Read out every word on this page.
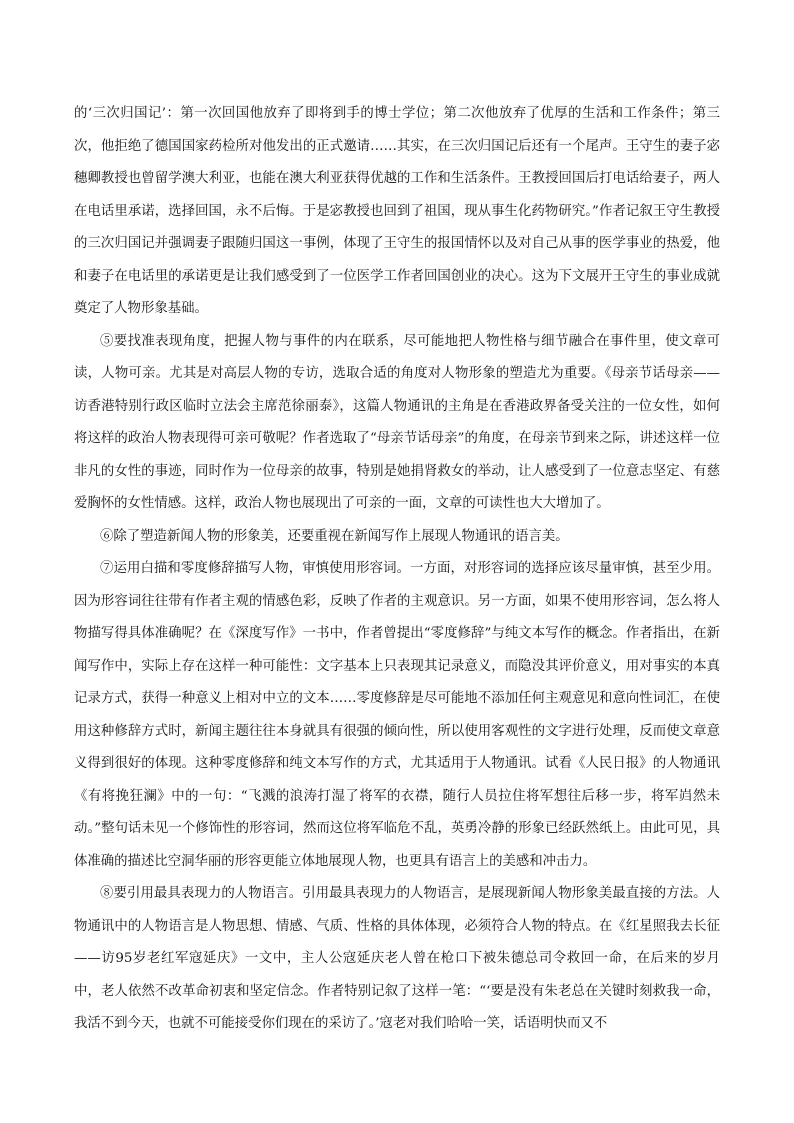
的‘三次归国记’：第一次回国他放弃了即将到手的博士学位；第二次他放弃了优厚的生活和工作条件；第三次，他拒绝了德国国家药检所对他发出的正式邀请……其实，在三次归国记后还有一个尾声。王守生的妻子宓穗卿教授也曾留学澳大利亚，也能在澳大利亚获得优越的工作和生活条件。王教授回国后打电话给妻子，两人在电话里承诺，选择回国，永不后悔。于是宓教授也回到了祖国，现从事生化药物研究。”作者记叙王守生教授的三次归国记并强调妻子跟随归国这一事例，体现了王守生的报国情怀以及对自己从事的医学事业的热爱，他和妻子在电话里的承诺更是让我们感受到了一位医学工作者回国创业的决心。这为下文展开王守生的事业成就奠定了人物形象基础。

⑤要找准表现角度，把握人物与事件的内在联系，尽可能地把人物性格与细节融合在事件里，使文章可读，人物可亲。尤其是对高层人物的专访，选取合适的角度对人物形象的塑造尤为重要。《母亲节话母亲——访香港特别行政区临时立法会主席范徐丽泰》，这篇人物通讯的主角是在香港政界备受关注的一位女性，如何将这样的政治人物表现得可亲可敬呢？作者选取了“母亲节话母亲”的角度，在母亲节到来之际，讲述这样一位非凡的女性的事迹，同时作为一位母亲的故事，特别是她捐肾救女的举动，让人感受到了一位意志坚定、有慈爱胸怀的女性情感。这样，政治人物也展现出了可亲的一面，文章的可读性也大大增加了。

⑥除了塑造新闻人物的形象美，还要重视在新闻写作上展现人物通讯的语言美。

⑦运用白描和零度修辞描写人物，审慎使用形容词。一方面，对形容词的选择应该尽量审慎，甚至少用。因为形容词往往带有作者主观的情感色彩，反映了作者的主观意识。另一方面，如果不使用形容词，怎么将人物描写得具体准确呢？在《深度写作》一书中，作者曾提出“零度修辞”与纯文本写作的概念。作者指出，在新闻写作中，实际上存在这样一种可能性：文字基本上只表现其记录意义，而隐没其评价意义，用对事实的本真记录方式，获得一种意义上相对中立的文本……零度修辞是尽可能地不添加任何主观意见和意向性词汇，在使用这种修辞方式时，新闻主题往往本身就具有很强的倾向性，所以使用客观性的文字进行处理，反而使文章意义得到很好的体现。这种零度修辞和纯文本写作的方式，尤其适用于人物通讯。试看《人民日报》的人物通讯《有将挽狂澜》中的一句：“飞溅的浪涛打湿了将军的衣襟，随行人员拉住将军想往后移一步，将军岿然未动。”整句话未见一个修饰性的形容词，然而这位将军临危不乱，英勇冷静的形象已经跃然纸上。由此可见，具体准确的描述比空洞华丽的形容更能立体地展现人物，也更具有语言上的美感和冲击力。

⑧要引用最具表现力的人物语言。引用最具表现力的人物语言，是展现新闻人物形象美最直接的方法。人物通讯中的人物语言是人物思想、情感、气质、性格的具体体现，必须符合人物的特点。在《红星照我去长征——访95岁老红军寇延庆》一文中，主人公寇延庆老人曾在枪口下被朱德总司令救回一命，在后来的岁月中，老人依然不改革命初衷和坚定信念。作者特别记叙了这样一笔：“‘要是没有朱老总在关键时刻救我一命，我活不到今天，也就不可能接受你们现在的采访了。’寇老对我们哈哈一笑，话语明快而又不
